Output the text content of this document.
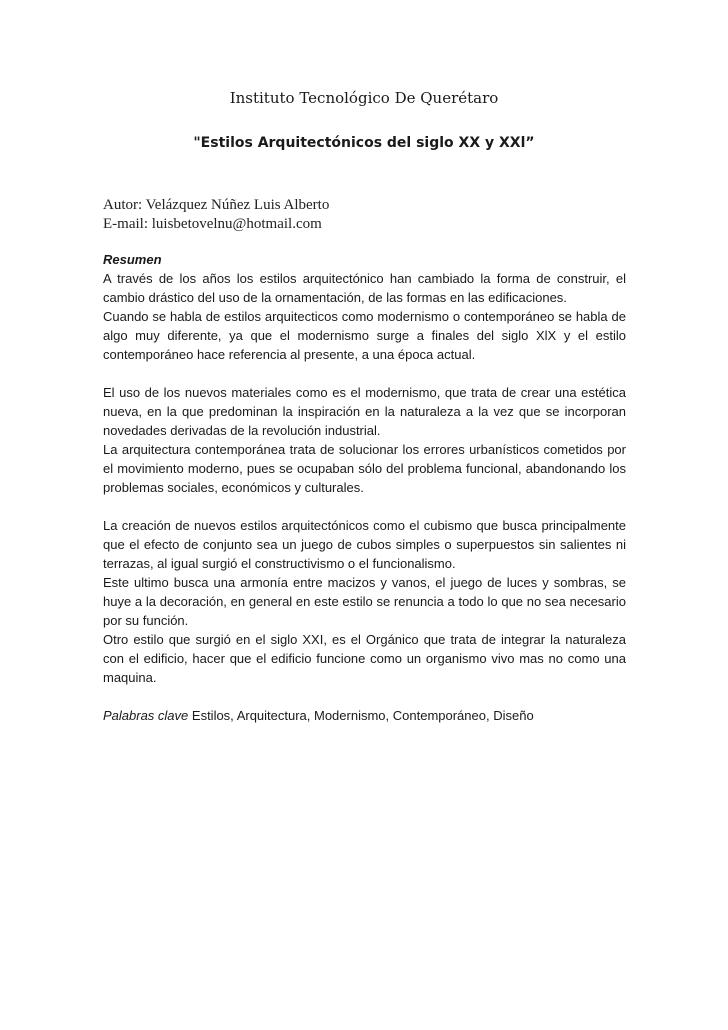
Instituto Tecnológico De Querétaro
"Estilos Arquitectónicos del siglo XX y XXl”
Autor: Velázquez Núñez Luis Alberto
E-mail: luisbetovelnu@hotmail.com
Resumen

A través de los años los estilos arquitectónico han cambiado la forma de construir, el cambio drástico del uso de la ornamentación, de las formas en las edificaciones.

Cuando se habla de estilos arquitecticos como modernismo o contemporáneo se habla de algo muy diferente, ya que el modernismo surge a finales del siglo XlX y el estilo contemporáneo hace referencia al presente, a una época actual.

El uso de los nuevos materiales como es el modernismo, que trata de crear una estética nueva, en la que predominan la inspiración en la naturaleza a la vez que se incorporan novedades derivadas de la revolución industrial.

La arquitectura contemporánea trata de solucionar los errores urbanísticos cometidos por el movimiento moderno, pues se ocupaban sólo del problema funcional, abandonando los problemas sociales, económicos y culturales.

La creación de nuevos estilos arquitectónicos como el cubismo que busca principalmente que el efecto de conjunto sea un juego de cubos simples o superpuestos sin salientes ni terrazas, al igual surgió el constructivismo o el funcionalismo.

Este ultimo busca una armonía entre macizos y vanos, el juego de luces y sombras, se huye a la decoración, en general en este estilo se renuncia a todo lo que no sea necesario por su función.

Otro estilo que surgió en el siglo XXI, es el Orgánico que trata de integrar la naturaleza con el edificio, hacer que el edificio funcione como un organismo vivo mas no como una maquina.

Palabras clave Estilos, Arquitectura, Modernismo, Contemporáneo, Diseño
